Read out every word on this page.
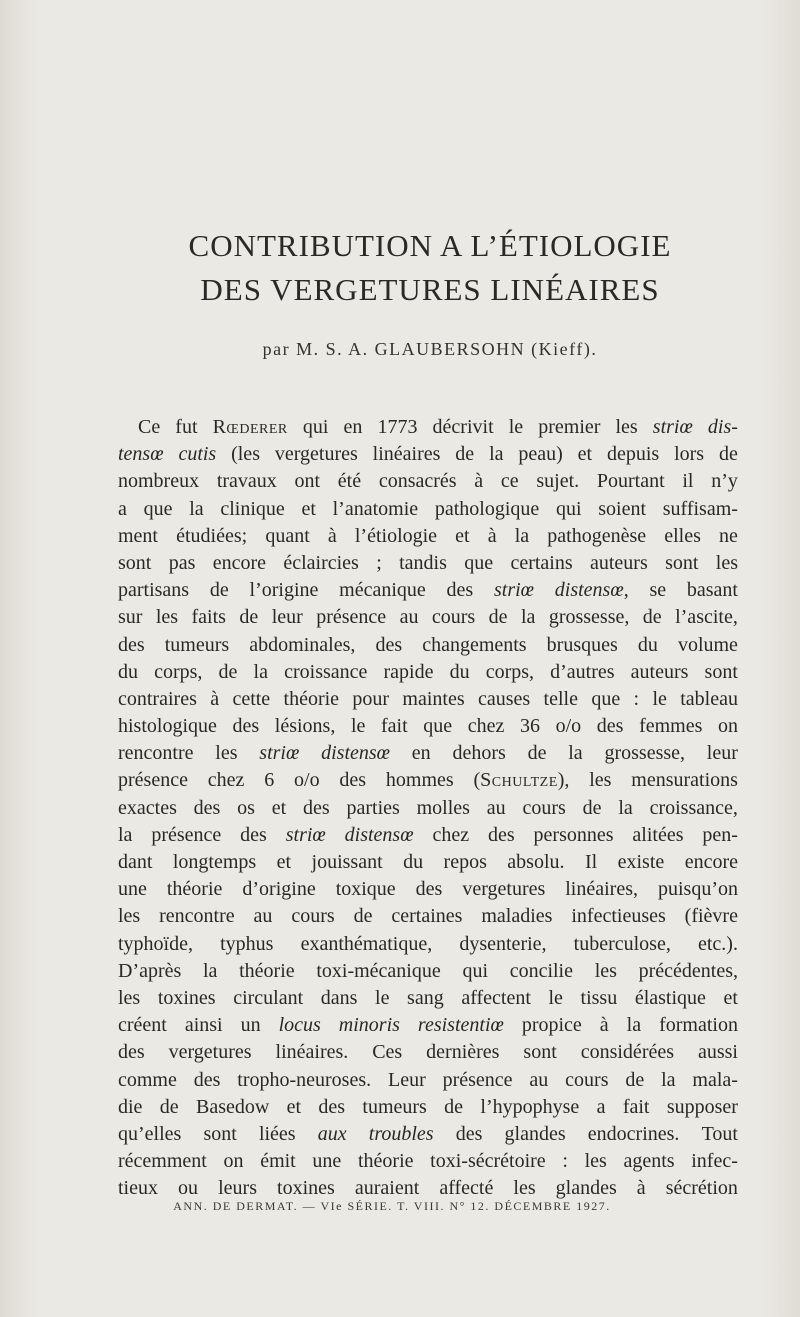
CONTRIBUTION A L’ÉTIOLOGIE
DES VERGETURES LINÉAIRES
par M. S. A. GLAUBERSOHN (Kieff).
Ce fut Rœderer qui en 1773 décrivit le premier les striœ dis-
tensœ cutis (les vergetures linéaires de la peau) et depuis lors de
nombreux travaux ont été consacrés à ce sujet. Pourtant il n’y
a que la clinique et l’anatomie pathologique qui soient suffisam-
ment étudiées; quant à l’étiologie et à la pathogenèse elles ne
sont pas encore éclaircies ; tandis que certains auteurs sont les
partisans de l’origine mécanique des striœ distensœ, se basant
sur les faits de leur présence au cours de la grossesse, de l’ascite,
des tumeurs abdominales, des changements brusques du volume
du corps, de la croissance rapide du corps, d’autres auteurs sont
contraires à cette théorie pour maintes causes telle que : le tableau
histologique des lésions, le fait que chez 36 o/o des femmes on
rencontre les striœ distensœ en dehors de la grossesse, leur
présence chez 6 o/o des hommes (Schultze), les mensurations
exactes des os et des parties molles au cours de la croissance,
la présence des striœ distensœ chez des personnes alitées pen-
dant longtemps et jouissant du repos absolu. Il existe encore
une théorie d’origine toxique des vergetures linéaires, puisqu’on
les rencontre au cours de certaines maladies infectieuses (fièvre
typhoïde, typhus exanthématique, dysenterie, tuberculose, etc.).
D’après la théorie toxi-mécanique qui concilie les précédentes,
les toxines circulant dans le sang affectent le tissu élastique et
créent ainsi un locus minoris resistentiœ propice à la formation
des vergetures linéaires. Ces dernières sont considérées aussi
comme des tropho-neuroses. Leur présence au cours de la mala-
die de Basedow et des tumeurs de l’hypophyse a fait supposer
qu’elles sont liées aux troubles des glandes endocrines. Tout
récemment on émit une théorie toxi-sécrétoire : les agents infec-
tieux ou leurs toxines auraient affecté les glandes à sécrétion
ANN. DE DERMAT. — VIe SÉRIE. T. VIII. N° 12. DÉCEMBRE 1927.
